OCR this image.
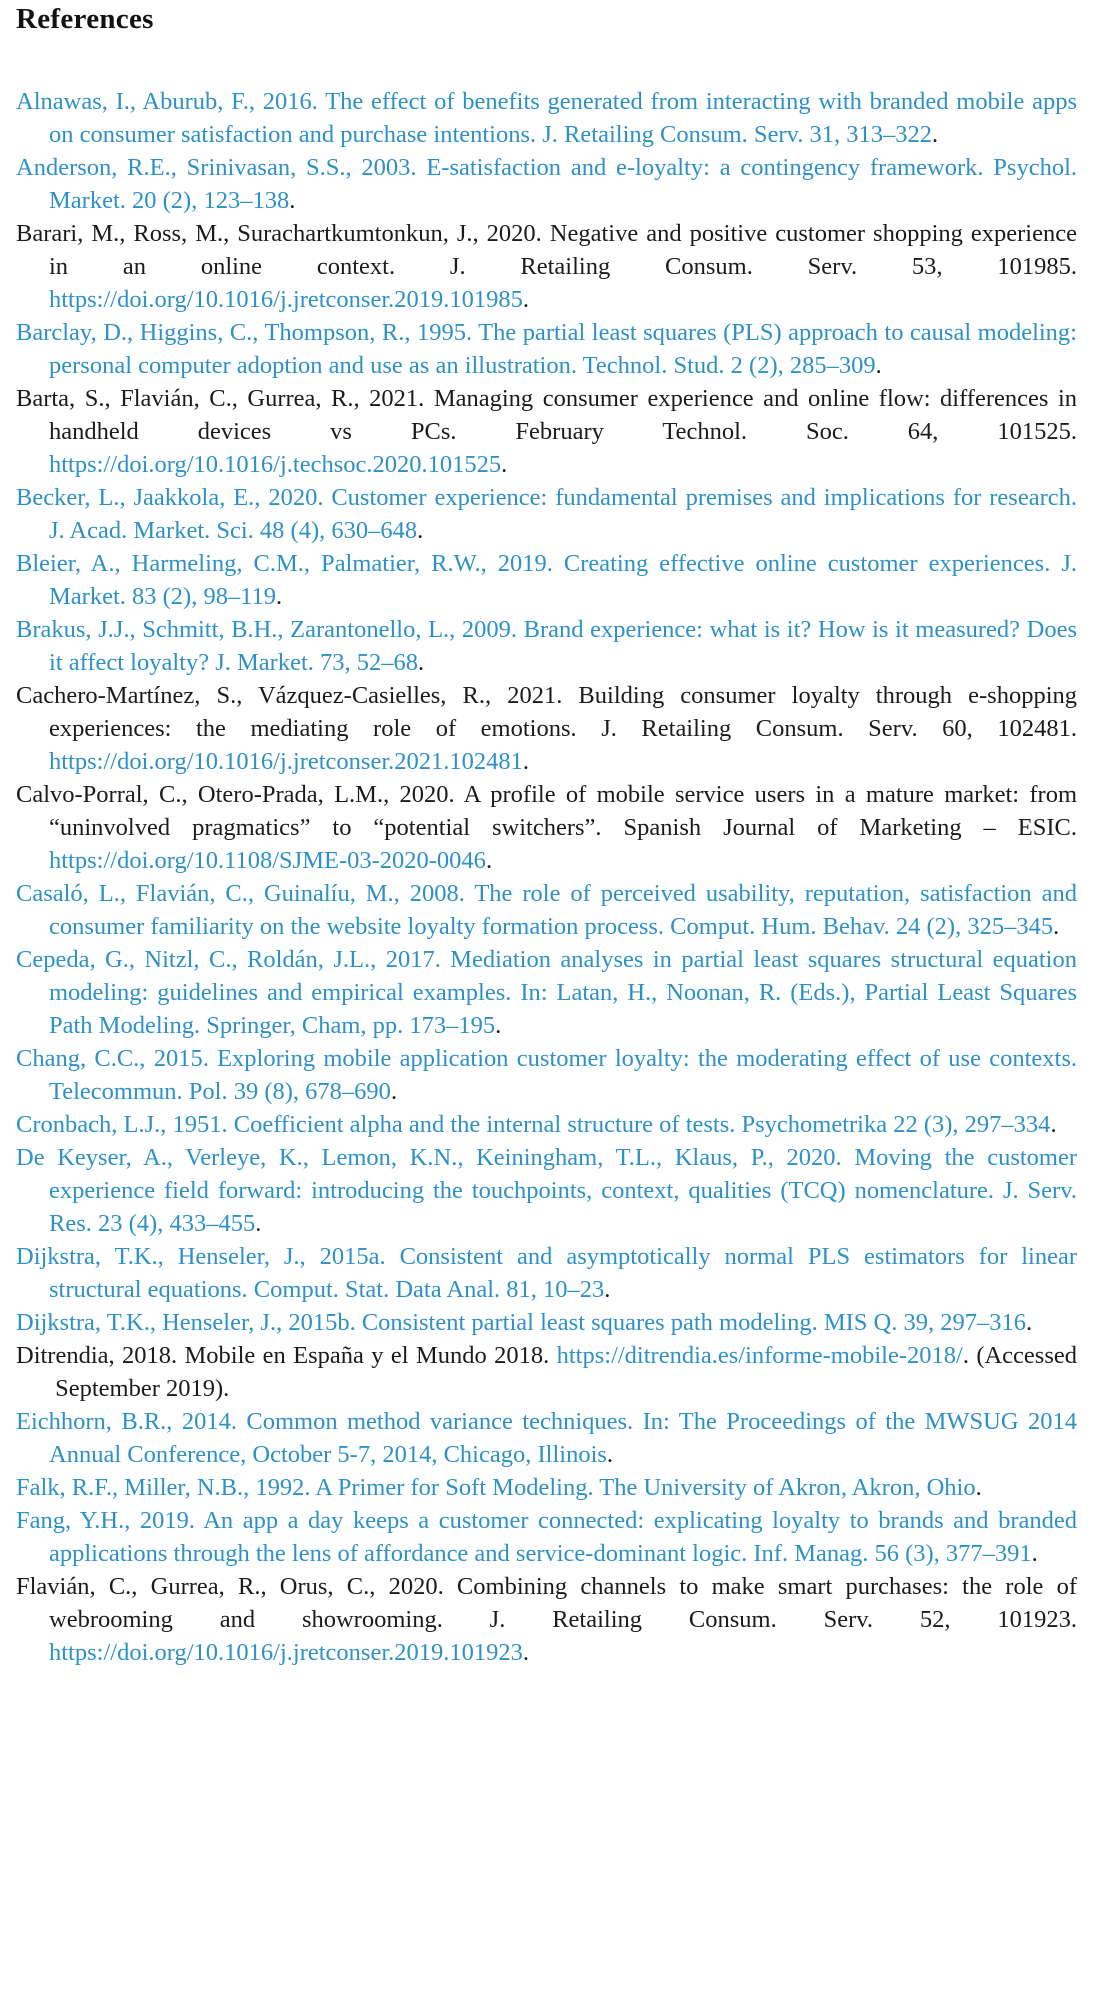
References

Alnawas, I., Aburub, F., 2016. The effect of benefits generated from interacting with branded mobile apps on consumer satisfaction and purchase intentions. J. Retailing Consum. Serv. 31, 313–322.

Anderson, R.E., Srinivasan, S.S., 2003. E-satisfaction and e-loyalty: a contingency framework. Psychol. Market. 20 (2), 123–138.

Barari, M., Ross, M., Surachartkumtonkun, J., 2020. Negative and positive customer shopping experience in an online context. J. Retailing Consum. Serv. 53, 101985. https://doi.org/10.1016/j.jretconser.2019.101985.

Barclay, D., Higgins, C., Thompson, R., 1995. The partial least squares (PLS) approach to causal modeling: personal computer adoption and use as an illustration. Technol. Stud. 2 (2), 285–309.

Barta, S., Flavián, C., Gurrea, R., 2021. Managing consumer experience and online flow: differences in handheld devices vs PCs. February Technol. Soc. 64, 101525. https://doi.org/10.1016/j.techsoc.2020.101525.

Becker, L., Jaakkola, E., 2020. Customer experience: fundamental premises and implications for research. J. Acad. Market. Sci. 48 (4), 630–648.

Bleier, A., Harmeling, C.M., Palmatier, R.W., 2019. Creating effective online customer experiences. J. Market. 83 (2), 98–119.

Brakus, J.J., Schmitt, B.H., Zarantonello, L., 2009. Brand experience: what is it? How is it measured? Does it affect loyalty? J. Market. 73, 52–68.

Cachero-Martínez, S., Vázquez-Casielles, R., 2021. Building consumer loyalty through e-shopping experiences: the mediating role of emotions. J. Retailing Consum. Serv. 60, 102481. https://doi.org/10.1016/j.jretconser.2021.102481.

Calvo-Porral, C., Otero-Prada, L.M., 2020. A profile of mobile service users in a mature market: from “uninvolved pragmatics” to “potential switchers”. Spanish Journal of Marketing – ESIC. https://doi.org/10.1108/SJME-03-2020-0046.

Casaló, L., Flavián, C., Guinalíu, M., 2008. The role of perceived usability, reputation, satisfaction and consumer familiarity on the website loyalty formation process. Comput. Hum. Behav. 24 (2), 325–345.

Cepeda, G., Nitzl, C., Roldán, J.L., 2017. Mediation analyses in partial least squares structural equation modeling: guidelines and empirical examples. In: Latan, H., Noonan, R. (Eds.), Partial Least Squares Path Modeling. Springer, Cham, pp. 173–195.

Chang, C.C., 2015. Exploring mobile application customer loyalty: the moderating effect of use contexts. Telecommun. Pol. 39 (8), 678–690.

Cronbach, L.J., 1951. Coefficient alpha and the internal structure of tests. Psychometrika 22 (3), 297–334.

De Keyser, A., Verleye, K., Lemon, K.N., Keiningham, T.L., Klaus, P., 2020. Moving the customer experience field forward: introducing the touchpoints, context, qualities (TCQ) nomenclature. J. Serv. Res. 23 (4), 433–455.

Dijkstra, T.K., Henseler, J., 2015a. Consistent and asymptotically normal PLS estimators for linear structural equations. Comput. Stat. Data Anal. 81, 10–23.

Dijkstra, T.K., Henseler, J., 2015b. Consistent partial least squares path modeling. MIS Q. 39, 297–316.

Ditrendia, 2018. Mobile en España y el Mundo 2018. https://ditrendia.es/informe-mobile-2018/. (Accessed  September 2019).

Eichhorn, B.R., 2014. Common method variance techniques. In: The Proceedings of the MWSUG 2014 Annual Conference, October 5-7, 2014, Chicago, Illinois.

Falk, R.F., Miller, N.B., 1992. A Primer for Soft Modeling. The University of Akron, Akron, Ohio.

Fang, Y.H., 2019. An app a day keeps a customer connected: explicating loyalty to brands and branded applications through the lens of affordance and service-dominant logic. Inf. Manag. 56 (3), 377–391.

Flavián, C., Gurrea, R., Orus, C., 2020. Combining channels to make smart purchases: the role of webrooming and showrooming. J. Retailing Consum. Serv. 52, 101923. https://doi.org/10.1016/j.jretconser.2019.101923.
